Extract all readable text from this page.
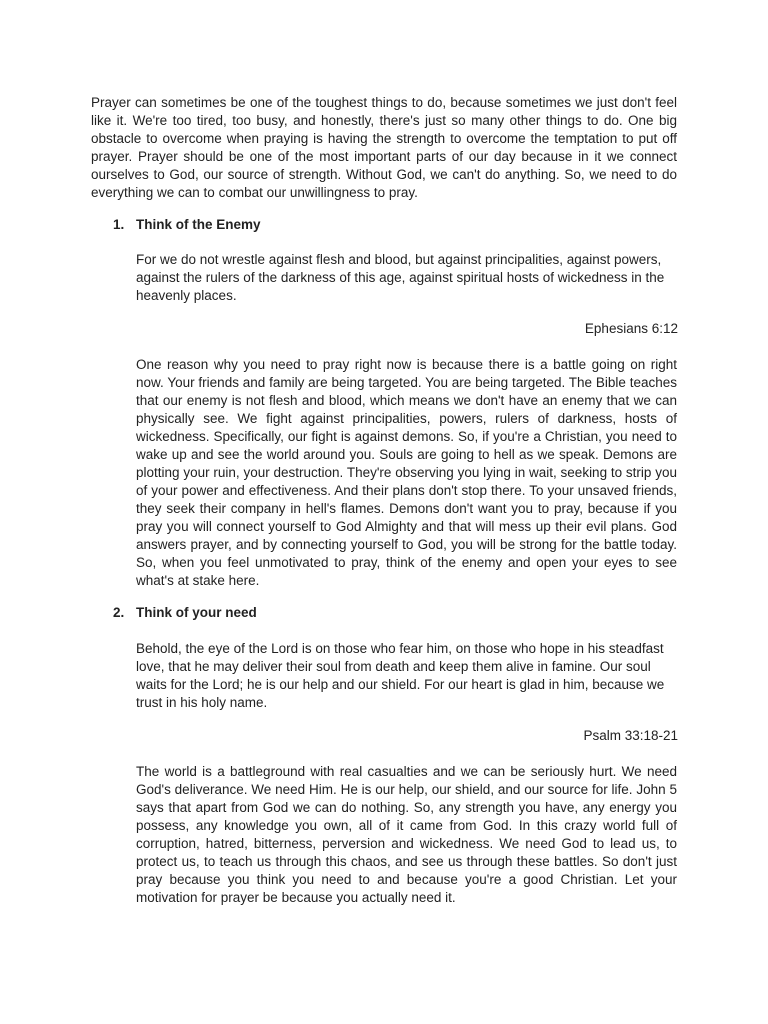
Prayer can sometimes be one of the toughest things to do, because sometimes we just don't feel like it. We're too tired, too busy, and honestly, there's just so many other things to do. One big obstacle to overcome when praying is having the strength to overcome the temptation to put off prayer. Prayer should be one of the most important parts of our day because in it we connect ourselves to God, our source of strength. Without God, we can't do anything. So, we need to do everything we can to combat our unwillingness to pray.

1. Think of the Enemy

For we do not wrestle against flesh and blood, but against principalities, against powers, against the rulers of the darkness of this age, against spiritual hosts of wickedness in the heavenly places.

Ephesians 6:12

One reason why you need to pray right now is because there is a battle going on right now. Your friends and family are being targeted. You are being targeted. The Bible teaches that our enemy is not flesh and blood, which means we don't have an enemy that we can physically see. We fight against principalities, powers, rulers of darkness, hosts of wickedness. Specifically, our fight is against demons. So, if you're a Christian, you need to wake up and see the world around you. Souls are going to hell as we speak. Demons are plotting your ruin, your destruction. They're observing you lying in wait, seeking to strip you of your power and effectiveness. And their plans don't stop there. To your unsaved friends, they seek their company in hell's flames. Demons don't want you to pray, because if you pray you will connect yourself to God Almighty and that will mess up their evil plans. God answers prayer, and by connecting yourself to God, you will be strong for the battle today. So, when you feel unmotivated to pray, think of the enemy and open your eyes to see what's at stake here.

2. Think of your need

Behold, the eye of the Lord is on those who fear him, on those who hope in his steadfast love, that he may deliver their soul from death and keep them alive in famine. Our soul waits for the Lord; he is our help and our shield. For our heart is glad in him, because we trust in his holy name.

Psalm 33:18-21

The world is a battleground with real casualties and we can be seriously hurt. We need God's deliverance. We need Him. He is our help, our shield, and our source for life. John 5 says that apart from God we can do nothing. So, any strength you have, any energy you possess, any knowledge you own, all of it came from God. In this crazy world full of corruption, hatred, bitterness, perversion and wickedness. We need God to lead us, to protect us, to teach us through this chaos, and see us through these battles. So don't just pray because you think you need to and because you're a good Christian. Let your motivation for prayer be because you actually need it.
